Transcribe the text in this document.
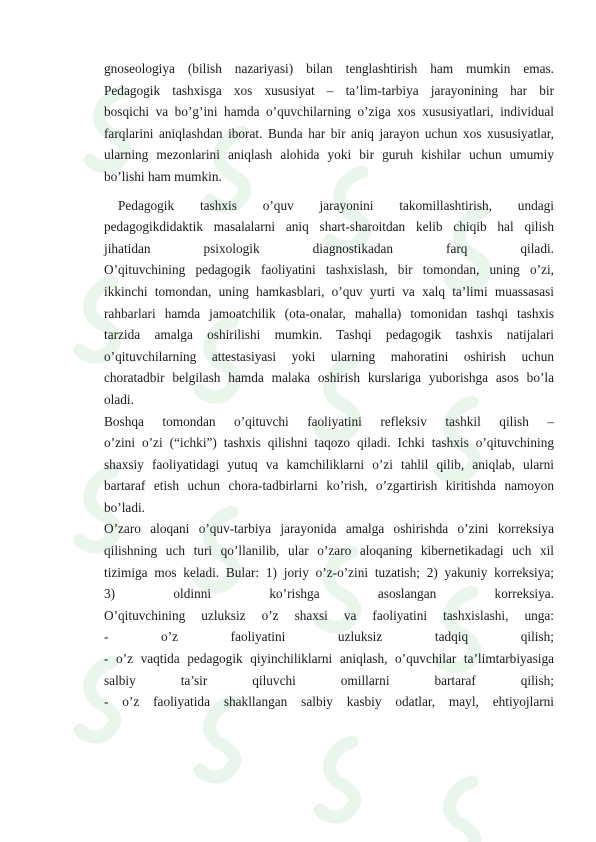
gnoseologiya (bilish nazariyasi) bilan tenglashtirish ham mumkin emas.

Pedagogik tashxisga xos xususiyat – ta’lim-tarbiya jarayonining har bir

bosqichi va bo’g’ini hamda o’quvchilarning o’ziga xos xususiyatlari, individual

farqlarini aniqlashdan iborat. Bunda har bir aniq jarayon uchun xos xususiyatlar,

ularning mezonlarini aniqlash alohida yoki bir guruh kishilar uchun umumiy

bo’lishi ham mumkin.

Pedagogik tashxis o’quv jarayonini takomillashtirish, undagi

pedagogikdidaktik masalalarni aniq shart-sharoitdan kelib chiqib hal qilish

jihatidan psixologik diagnostikadan farq qiladi.

O’qituvchining pedagogik faoliyatini tashxislash, bir tomondan, uning o’zi,

ikkinchi tomondan, uning hamkasblari, o’quv yurti va xalq ta’limi muassasasi

rahbarlari hamda jamoatchilik (ota-onalar, mahalla) tomonidan tashqi tashxis

tarzida amalga oshirilishi mumkin. Tashqi pedagogik tashxis natijalari

o’qituvchilarning attestasiyasi yoki ularning mahoratini oshirish uchun

choratadbir belgilash hamda malaka oshirish kurslariga yuborishga asos bo’la

oladi.

Boshqa tomondan o’qituvchi faoliyatini refleksiv tashkil qilish –

o’zini o’zi (“ichki”) tashxis qilishni taqozo qiladi. Ichki tashxis o’qituvchining

shaxsiy faoliyatidagi yutuq va kamchiliklarni o’zi tahlil qilib, aniqlab, ularni

bartaraf etish uchun chora-tadbirlarni ko’rish, o’zgartirish kiritishda namoyon

bo’ladi.

O’zaro aloqani o’quv-tarbiya jarayonida amalga oshirishda o’zini korreksiya

qilishning uch turi qo’llanilib, ular o’zaro aloqaning kibernetikadagi uch xil

tizimiga mos keladi. Bular: 1) joriy o’z-o’zini tuzatish; 2) yakuniy korreksiya;

3) oldinni ko’rishga asoslangan korreksiya.

O’qituvchining uzluksiz o’z shaxsi va faoliyatini tashxislashi, unga:

- o’z faoliyatini uzluksiz tadqiq qilish;

- o’z vaqtida pedagogik qiyinchiliklarni aniqlash, o’quvchilar ta’limtarbiyasiga

salbiy ta’sir qiluvchi omillarni bartaraf qilish;

- o’z faoliyatida shakllangan salbiy kasbiy odatlar, mayl, ehtiyojlarni
